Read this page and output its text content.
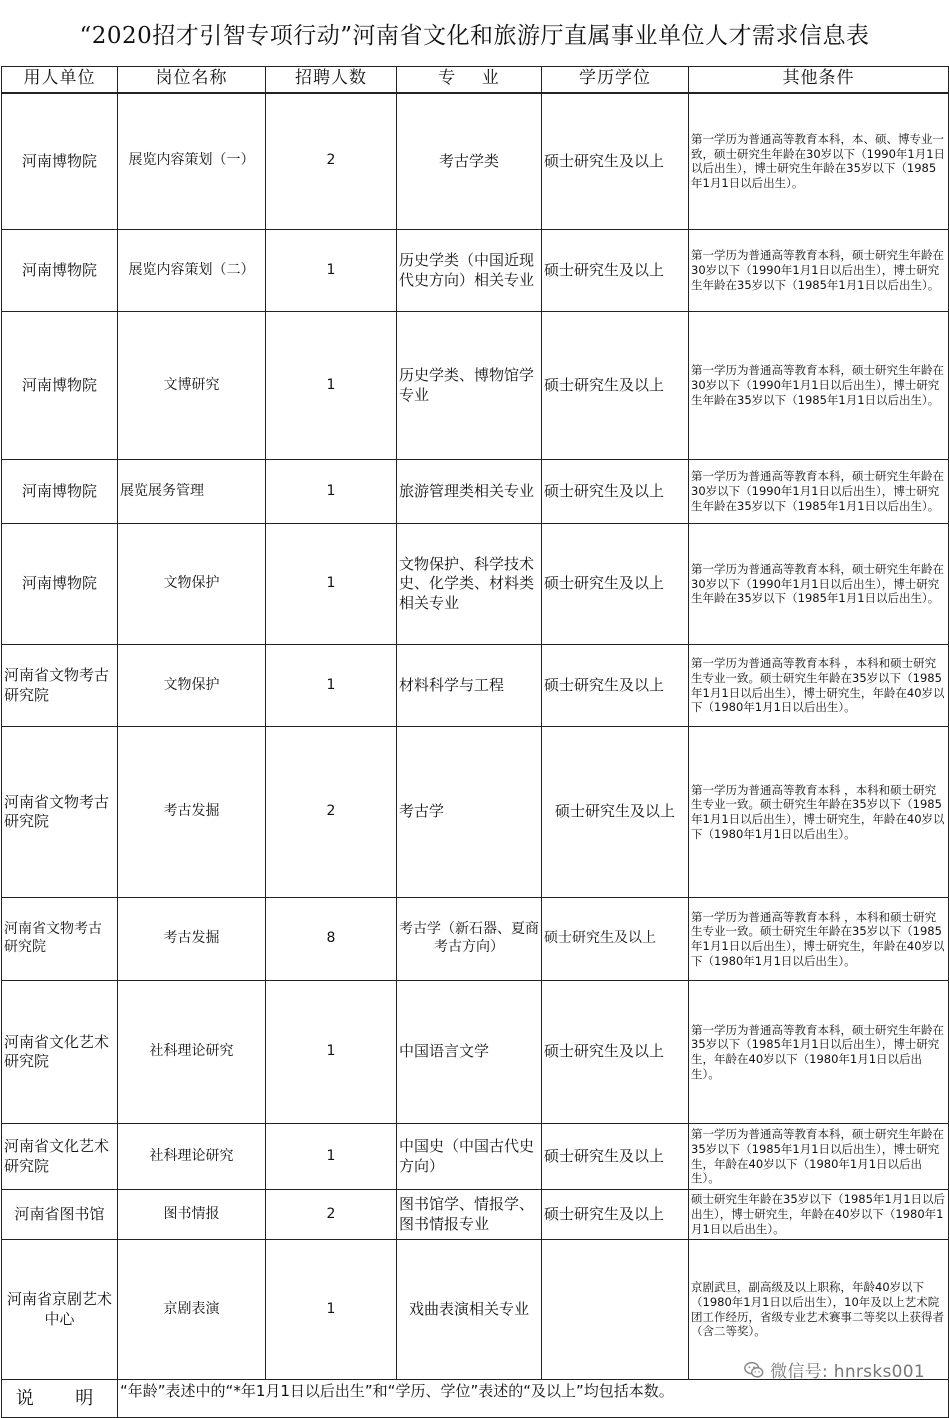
“2020招才引智专项行动”河南省文化和旅游厅直属事业单位人才需求信息表
用人单位	岗位名称	招聘人数	专    业	学历学位	其他条件
河南博物院	展览内容策划（一）	2	考古学类	硕士研究生及以上	第一学历为普通高等教育本科，本、硕、博专业一致，硕士研究生年龄在30岁以下（1990年1月1日以后出生），博士研究生年龄在35岁以下（1985年1月1日以后出生）。
河南博物院	展览内容策划（二）	1	历史学类（中国近现代史方向）相关专业	硕士研究生及以上	第一学历为普通高等教育本科，硕士研究生年龄在30岁以下（1990年1月1日以后出生），博士研究生年龄在35岁以下（1985年1月1日以后出生）。
河南博物院	文博研究	1	历史学类、博物馆学专业	硕士研究生及以上	第一学历为普通高等教育本科，硕士研究生年龄在30岁以下（1990年1月1日以后出生），博士研究生年龄在35岁以下（1985年1月1日以后出生）。
河南博物院	展览展务管理	1	旅游管理类相关专业	硕士研究生及以上	第一学历为普通高等教育本科，硕士研究生年龄在30岁以下（1990年1月1日以后出生），博士研究生年龄在35岁以下（1985年1月1日以后出生）。
河南博物院	文物保护	1	文物保护、科学技术史、化学类、材料类相关专业	硕士研究生及以上	第一学历为普通高等教育本科，硕士研究生年龄在30岁以下（1990年1月1日以后出生），博士研究生年龄在35岁以下（1985年1月1日以后出生）。
河南省文物考古研究院	文物保护	1	材料科学与工程	硕士研究生及以上	第一学历为普通高等教育本科 ，本科和硕士研究生专业一致。硕士研究生年龄在35岁以下（1985年1月1日以后出生），博士研究生，年龄在40岁以下（1980年1月1日以后出生）。
河南省文物考古研究院	考古发掘	2	考古学	硕士研究生及以上	第一学历为普通高等教育本科 ，本科和硕士研究生专业一致。硕士研究生年龄在35岁以下（1985年1月1日以后出生），博士研究生，年龄在40岁以下（1980年1月1日以后出生）。
河南省文物考古研究院	考古发掘	8	考古学（新石器、夏商考古方向）	硕士研究生及以上	第一学历为普通高等教育本科 ，本科和硕士研究生专业一致。硕士研究生年龄在35岁以下（1985年1月1日以后出生），博士研究生，年龄在40岁以下（1980年1月1日以后出生）。
河南省文化艺术研究院	社科理论研究	1	中国语言文学	硕士研究生及以上	第一学历为普通高等教育本科，硕士研究生年龄在35岁以下（1985年1月1日以后出生），博士研究生，年龄在40岁以下（1980年1月1日以后出生）。
河南省文化艺术研究院	社科理论研究	1	中国史（中国古代史方向）	硕士研究生及以上	第一学历为普通高等教育本科，硕士研究生年龄在35岁以下（1985年1月1日以后出生），博士研究生，年龄在40岁以下（1980年1月1日以后出生）。
河南省图书馆	图书情报	2	图书馆学、情报学、图书情报专业	硕士研究生及以上	硕士研究生年龄在35岁以下（1985年1月1日以后出生），博士研究生，年龄在40岁以下（1980年1月1日以后出生）。
河南省京剧艺术中心	京剧表演	1	戏曲表演相关专业		京剧武旦，副高级及以上职称，年龄40岁以下（1980年1月1日以后出生），10年及以上艺术院团工作经历，省级专业艺术赛事二等奖以上获得者（含二等奖）。
说  明	“年龄”表述中的“*年1月1日以后出生”和“学历、学位”表述的“及以上”均包括本数。				
微信号: hnrsks001
